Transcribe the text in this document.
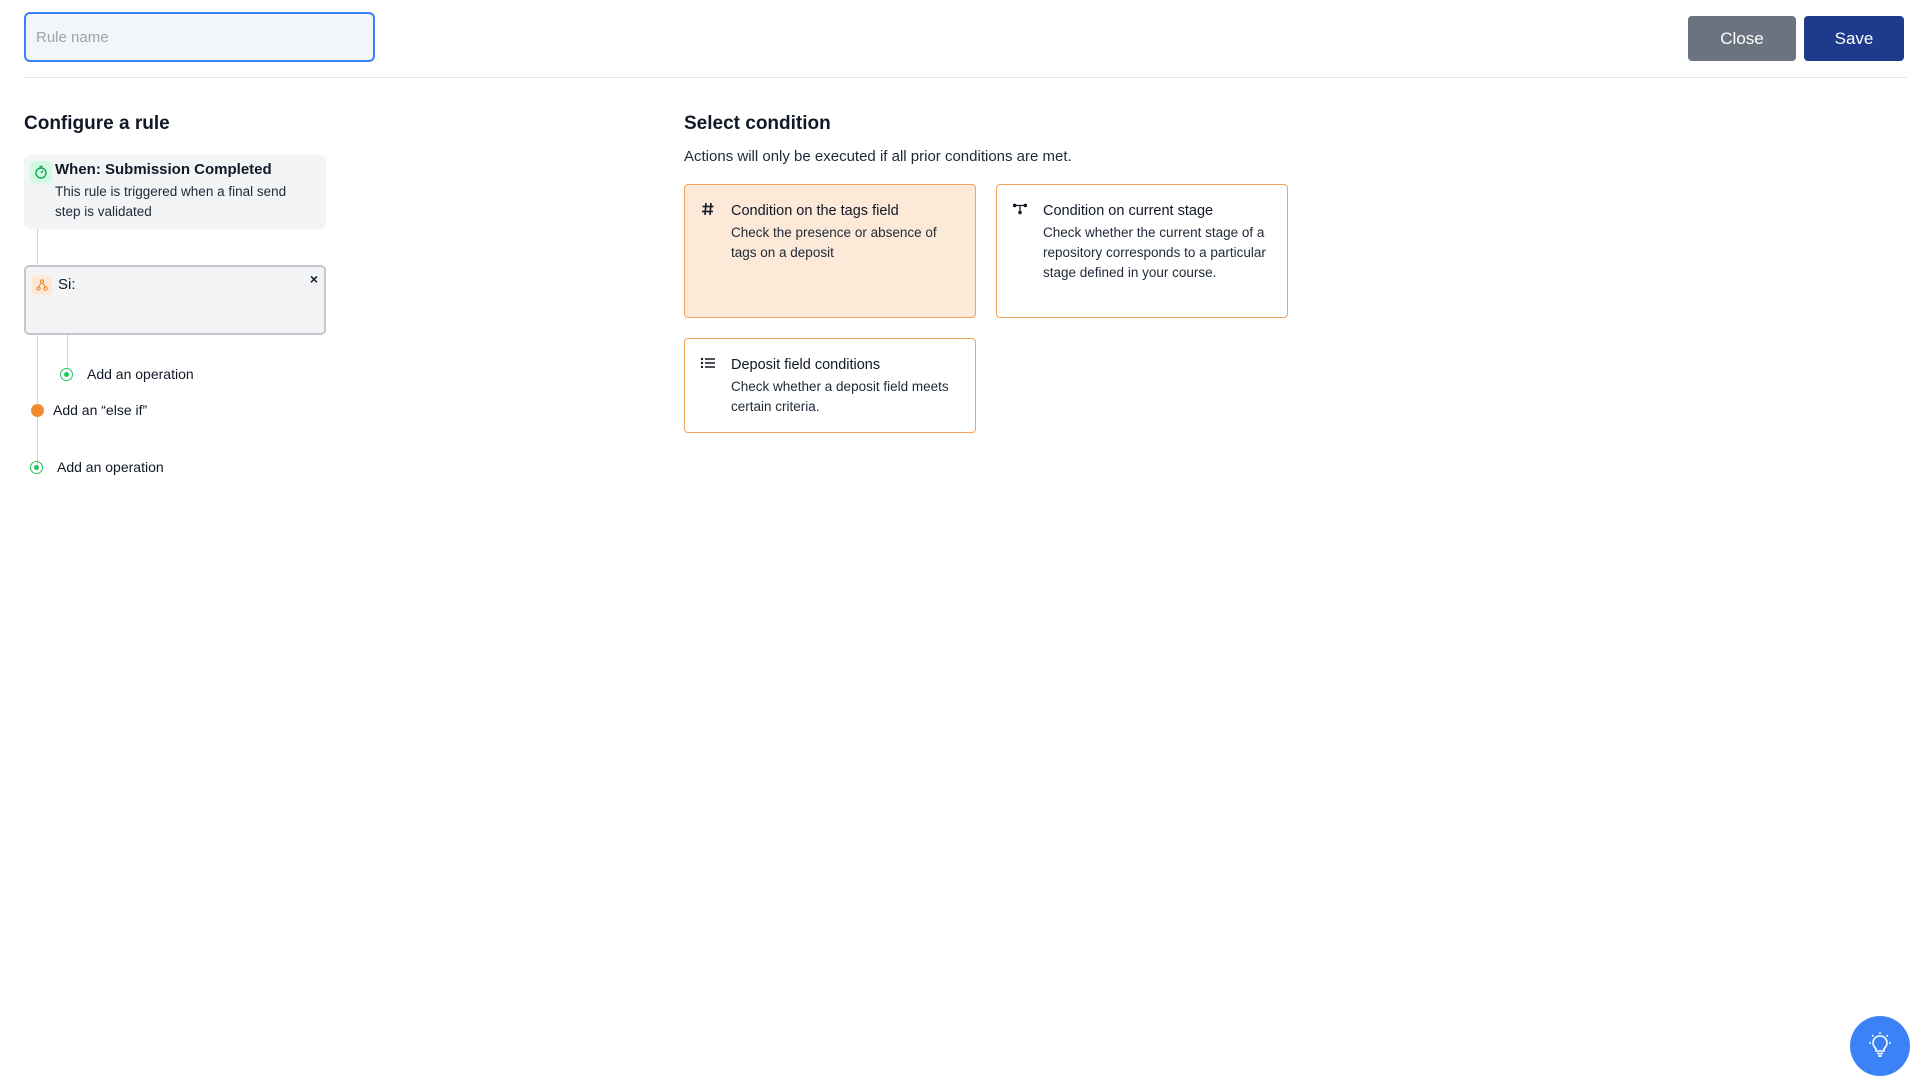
Rule name
Close	Save
Configure a rule
When: Submission Completed
This rule is triggered when a final send step is validated
Si:	×
Add an operation
Add an “else if”
Add an operation
Select condition
Actions will only be executed if all prior conditions are met.
Condition on the tags field
Check the presence or absence of tags on a deposit
Condition on current stage
Check whether the current stage of a repository corresponds to a particular stage defined in your course.
Deposit field conditions
Check whether a deposit field meets certain criteria.
